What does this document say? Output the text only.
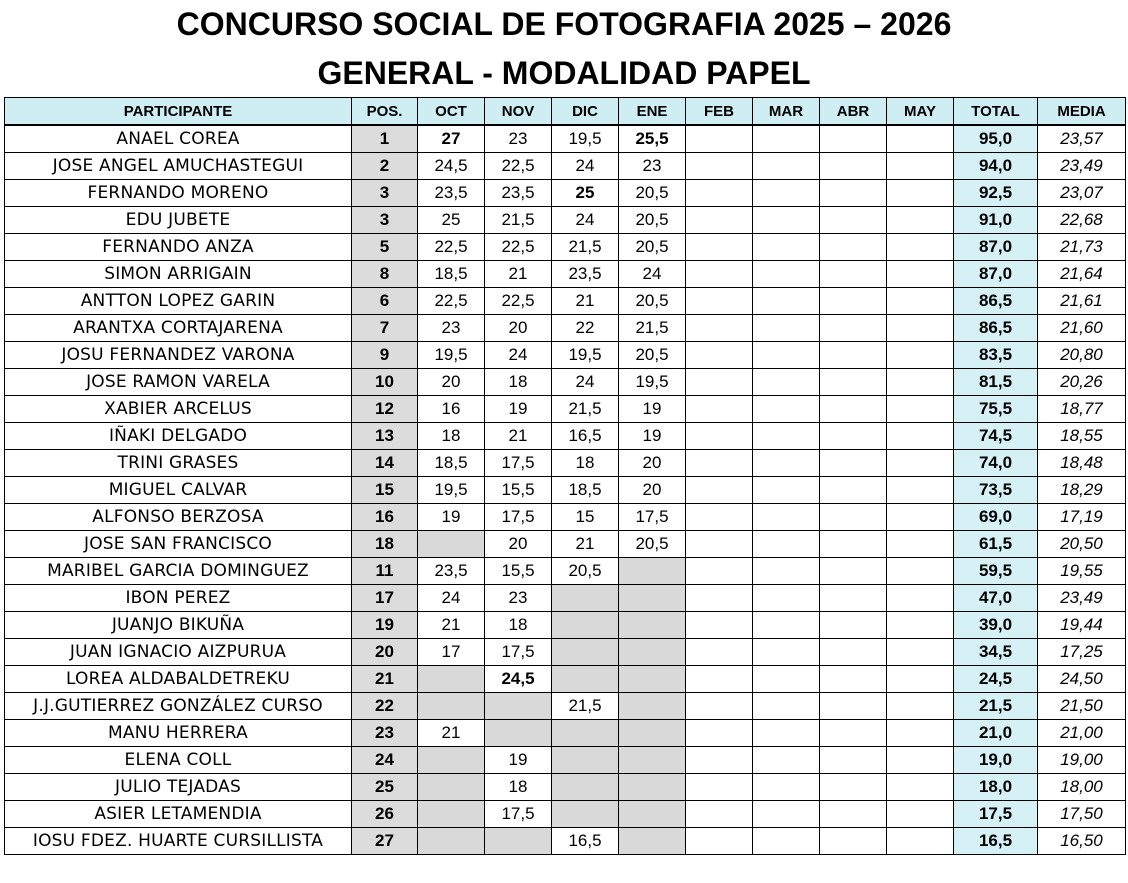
CONCURSO SOCIAL DE FOTOGRAFIA 2025 – 2026
GENERAL - MODALIDAD PAPEL
PARTICIPANTE	POS.	OCT	NOV	DIC	ENE	FEB	MAR	ABR	MAY	TOTAL	MEDIA
ANAEL COREA	1	27	23	19,5	25,5					95,0	23,57
JOSE ANGEL AMUCHASTEGUI	2	24,5	22,5	24	23					94,0	23,49
FERNANDO MORENO	3	23,5	23,5	25	20,5					92,5	23,07
EDU JUBETE	3	25	21,5	24	20,5					91,0	22,68
FERNANDO ANZA	5	22,5	22,5	21,5	20,5					87,0	21,73
SIMON ARRIGAIN	8	18,5	21	23,5	24					87,0	21,64
ANTTON LOPEZ GARIN	6	22,5	22,5	21	20,5					86,5	21,61
ARANTXA CORTAJARENA	7	23	20	22	21,5					86,5	21,60
JOSU FERNANDEZ VARONA	9	19,5	24	19,5	20,5					83,5	20,80
JOSE RAMON VARELA	10	20	18	24	19,5					81,5	20,26
XABIER ARCELUS	12	16	19	21,5	19					75,5	18,77
IÑAKI DELGADO	13	18	21	16,5	19					74,5	18,55
TRINI GRASES	14	18,5	17,5	18	20					74,0	18,48
MIGUEL CALVAR	15	19,5	15,5	18,5	20					73,5	18,29
ALFONSO BERZOSA	16	19	17,5	15	17,5					69,0	17,19
JOSE SAN FRANCISCO	18		20	21	20,5					61,5	20,50
MARIBEL GARCIA DOMINGUEZ	11	23,5	15,5	20,5						59,5	19,55
IBON PEREZ	17	24	23							47,0	23,49
JUANJO BIKUÑA	19	21	18							39,0	19,44
JUAN IGNACIO AIZPURUA	20	17	17,5							34,5	17,25
LOREA ALDABALDETREKU	21		24,5							24,5	24,50
J.J.GUTIERREZ GONZÁLEZ CURSO	22			21,5						21,5	21,50
MANU HERRERA	23	21								21,0	21,00
ELENA COLL	24		19							19,0	19,00
JULIO TEJADAS	25		18							18,0	18,00
ASIER LETAMENDIA	26		17,5							17,5	17,50
IOSU FDEZ. HUARTE CURSILLISTA	27			16,5						16,5	16,50
